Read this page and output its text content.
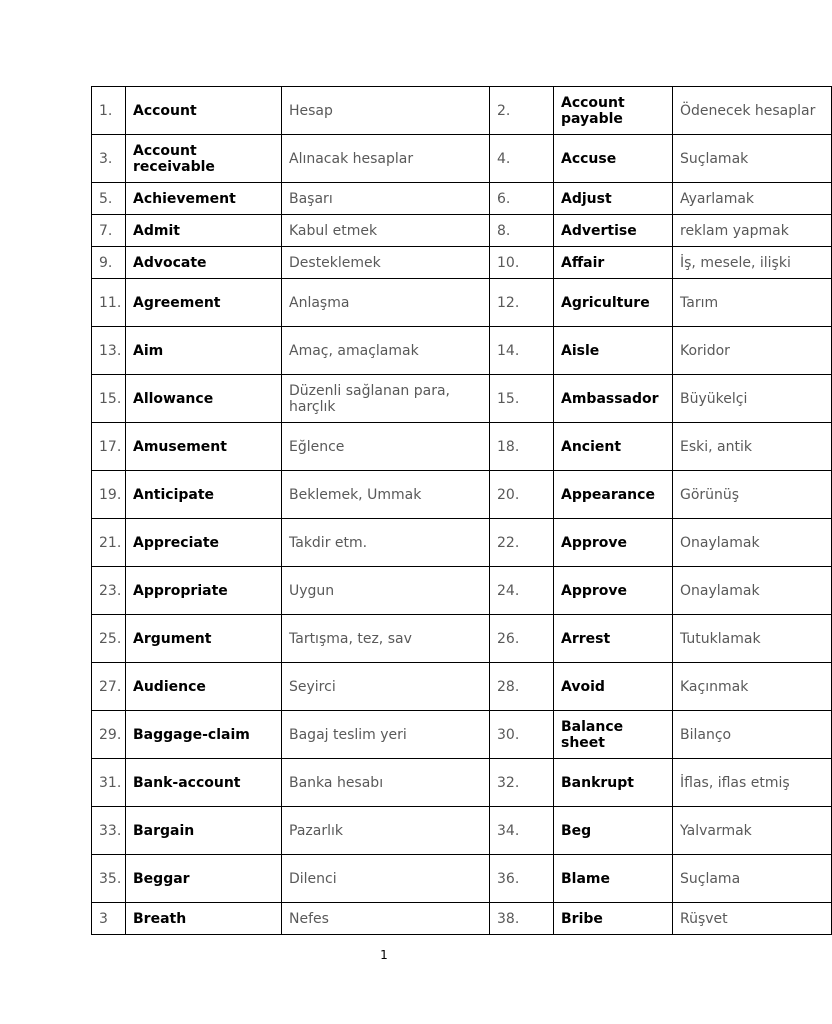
1.	Account	Hesap	2.	Account payable	Ödenecek hesaplar
3.	Account receivable	Alınacak hesaplar	4.	Accuse	Suçlamak
5.	Achievement	Başarı	6.	Adjust	Ayarlamak
7.	Admit	Kabul etmek	8.	Advertise	reklam yapmak
9.	Advocate	Desteklemek	10.	Affair	İş, mesele, ilişki
11.	Agreement	Anlaşma	12.	Agriculture	Tarım
13.	Aim	Amaç, amaçlamak	14.	Aisle	Koridor
15.	Allowance	Düzenli sağlanan para, harçlık	15.	Ambassador	Büyükelçi
17.	Amusement	Eğlence	18.	Ancient	Eski, antik
19.	Anticipate	Beklemek, Ummak	20.	Appearance	Görünüş
21.	Appreciate	Takdir etm.	22.	Approve	Onaylamak
23.	Appropriate	Uygun	24.	Approve	Onaylamak
25.	Argument	Tartışma, tez, sav	26.	Arrest	Tutuklamak
27.	Audience	Seyirci	28.	Avoid	Kaçınmak
29.	Baggage-claim	Bagaj teslim yeri	30.	Balance sheet	Bilanço
31.	Bank-account	Banka hesabı	32.	Bankrupt	İflas, iflas etmiş
33.	Bargain	Pazarlık	34.	Beg	Yalvarmak
35.	Beggar	Dilenci	36.	Blame	Suçlama
3	Breath	Nefes	38.	Bribe	Rüşvet
1
